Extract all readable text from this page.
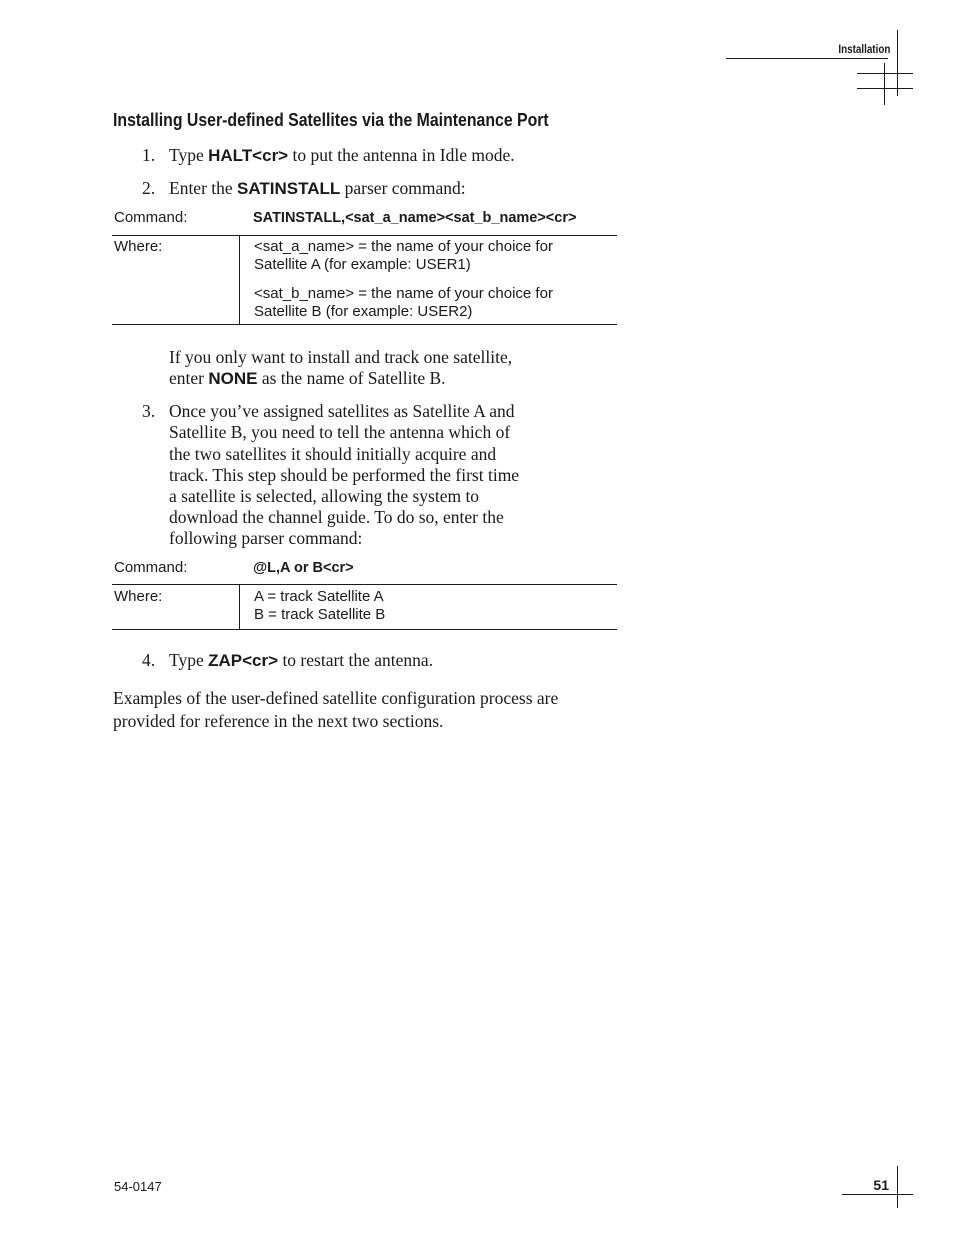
Installation
Installing User-defined Satellites via the Maintenance Port
1. Type HALT<cr> to put the antenna in Idle mode.
2. Enter the SATINSTALL parser command:
Command:	SATINSTALL,<sat_a_name><sat_b_name><cr>
Where:	<sat_a_name> = the name of your choice for
Satellite A (for example: USER1)
<sat_b_name> = the name of your choice for
Satellite B (for example: USER2)
If you only want to install and track one satellite,
enter NONE as the name of Satellite B.
3. Once you’ve assigned satellites as Satellite A and
Satellite B, you need to tell the antenna which of
the two satellites it should initially acquire and
track. This step should be performed the first time
a satellite is selected, allowing the system to
download the channel guide. To do so, enter the
following parser command:
Command:	@L,A or B<cr>
Where:	A = track Satellite A
B = track Satellite B
4. Type ZAP<cr> to restart the antenna.
Examples of the user-defined satellite configuration process are
provided for reference in the next two sections.
54-0147	51
